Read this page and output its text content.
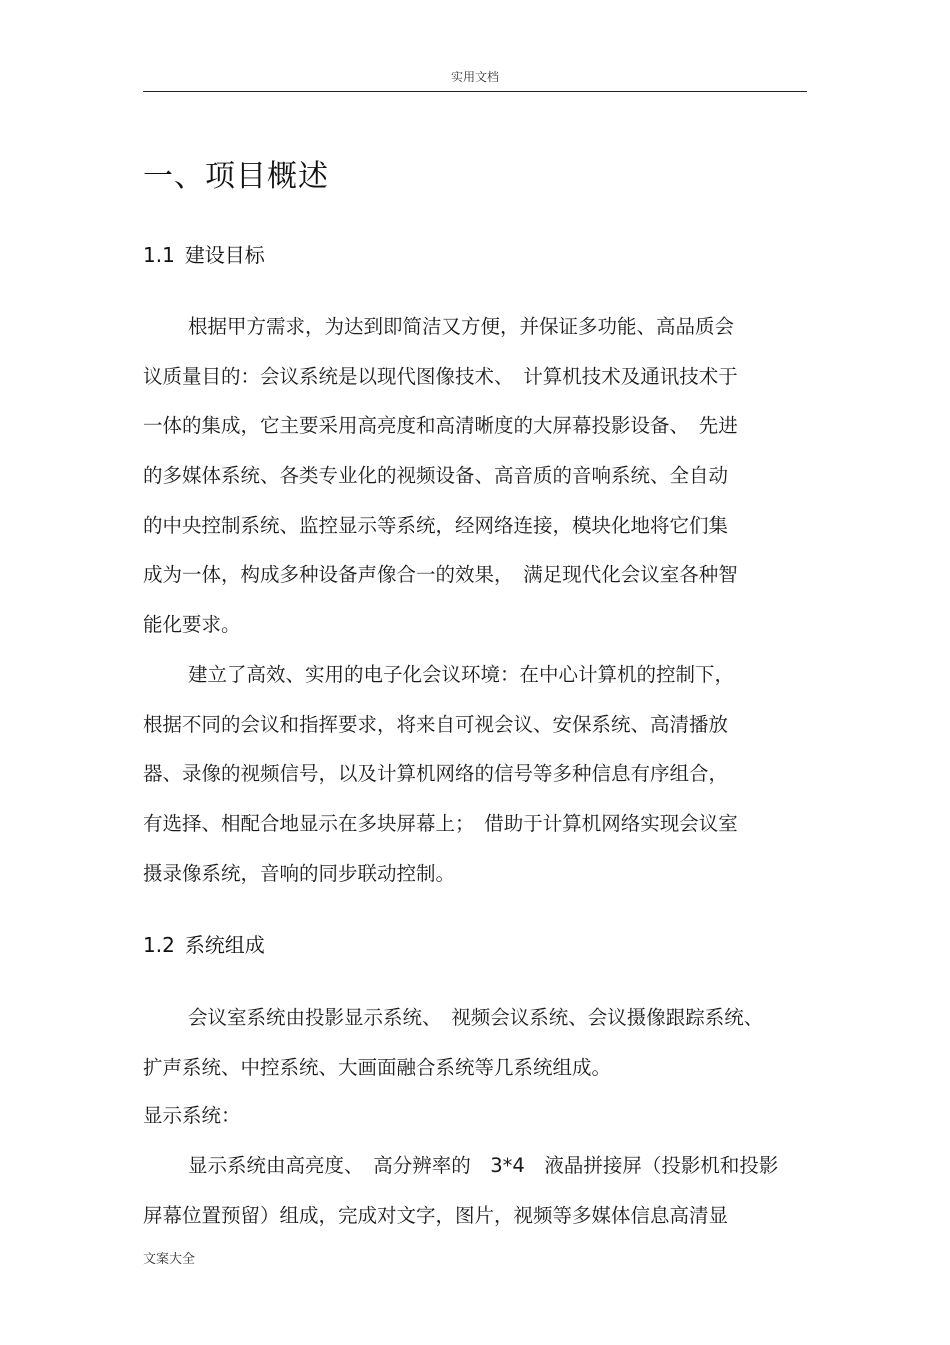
实用文档
一、项目概述
1.1 建设目标
根据甲方需求，为达到即简洁又方便，并保证多功能、高品质会
议质量目的：会议系统是以现代图像技术、　计算机技术及通讯技术于
一体的集成，它主要采用高亮度和高清晰度的大屏幕投影设备、　先进
的多媒体系统、各类专业化的视频设备、高音质的音响系统、全自动
的中央控制系统、监控显示等系统，经网络连接，模块化地将它们集
成为一体，构成多种设备声像合一的效果，　满足现代化会议室各种智
能化要求。
建立了高效、实用的电子化会议环境：在中心计算机的控制下，
根据不同的会议和指挥要求，将来自可视会议、安保系统、高清播放
器、录像的视频信号，以及计算机网络的信号等多种信息有序组合，
有选择、相配合地显示在多块屏幕上；　借助于计算机网络实现会议室
摄录像系统，音响的同步联动控制。
1.2 系统组成
会议室系统由投影显示系统、　视频会议系统、会议摄像跟踪系统、
扩声系统、中控系统、大画面融合系统等几系统组成。
显示系统：
显示系统由高亮度、　高分辨率的　3*4　液晶拼接屏（投影机和投影
屏幕位置预留）组成，完成对文字，图片，视频等多媒体信息高清显
文案大全
